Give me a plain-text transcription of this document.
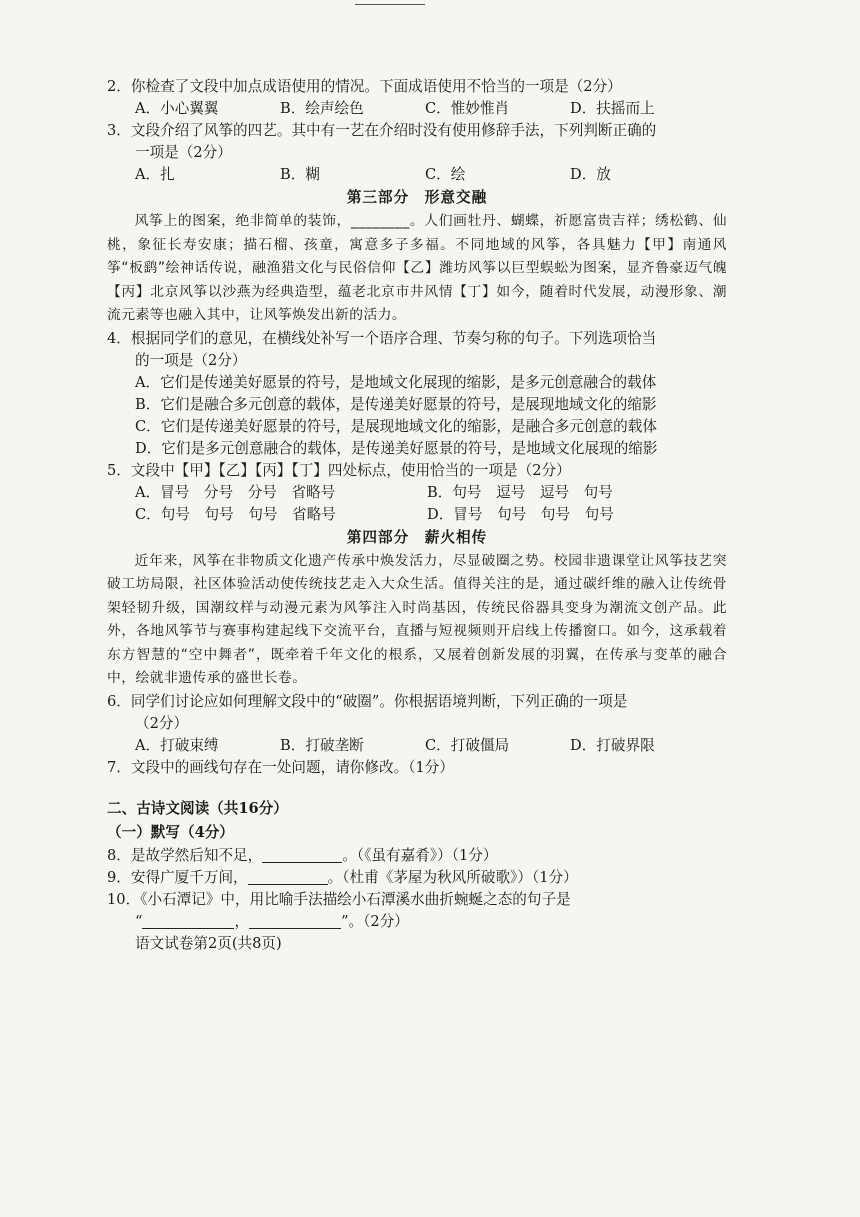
2．你检查了文段中加点成语使用的情况。下面成语使用不恰当的一项是（2分）
A．小心翼翼	B．绘声绘色	C．惟妙惟肖	D．扶摇而上
3．文段介绍了风筝的四艺。其中有一艺在介绍时没有使用修辞手法，下列判断正确的
一项是（2分）
A．扎	B．糊	C．绘	D．放
第三部分　形意交融

风筝上的图案，绝非简单的装饰，________。人们画牡丹、蝴蝶，祈愿富贵吉祥；绣松鹤、仙桃，象征长寿安康；描石榴、孩童，寓意多子多福。不同地域的风筝，各具魅力【甲】南通风筝“板鹞”绘神话传说，融渔猎文化与民俗信仰【乙】潍坊风筝以巨型蜈蚣为图案，显齐鲁豪迈气魄【丙】北京风筝以沙燕为经典造型，蕴老北京市井风情【丁】如今，随着时代发展，动漫形象、潮流元素等也融入其中，让风筝焕发出新的活力。

4．根据同学们的意见，在横线处补写一个语序合理、节奏匀称的句子。下列选项恰当
的一项是（2分）
A．它们是传递美好愿景的符号，是地域文化展现的缩影，是多元创意融合的载体
B．它们是融合多元创意的载体，是传递美好愿景的符号，是展现地域文化的缩影
C．它们是传递美好愿景的符号，是展现地域文化的缩影，是融合多元创意的载体
D．它们是多元创意融合的载体，是传递美好愿景的符号，是地域文化展现的缩影
5．文段中【甲】【乙】【丙】【丁】四处标点，使用恰当的一项是（2分）
A．冒号　分号　分号　省略号	B．句号　逗号　逗号　句号
C．句号　句号　句号　省略号	D．冒号　句号　句号　句号
第四部分　薪火相传

近年来，风筝在非物质文化遗产传承中焕发活力，尽显破圈之势。校园非遗课堂让风筝技艺突破工坊局限，社区体验活动使传统技艺走入大众生活。值得关注的是，通过碳纤维的融入让传统骨架轻韧升级，国潮纹样与动漫元素为风筝注入时尚基因，传统民俗器具变身为潮流文创产品。此外，各地风筝节与赛事构建起线下交流平台，直播与短视频则开启线上传播窗口。如今，这承载着东方智慧的“空中舞者”，既牵着千年文化的根系，又展着创新发展的羽翼，在传承与变革的融合中，绘就非遗传承的盛世长卷。

6．同学们讨论应如何理解文段中的“破圈”。你根据语境判断，下列正确的一项是
（2分）
A．打破束缚	B．打破垄断	C．打破僵局	D．打破界限
7．文段中的画线句存在一处问题，请你修改。（1分）
二、古诗文阅读（共16分）
（一）默写（4分）
8．是故学然后知不足，	。（《虽有嘉肴》）（1分）
9．安得广厦千万间，	。（杜甫《茅屋为秋风所破歌》）（1分）
10．《小石潭记》中，用比喻手法描绘小石潭溪水曲折蜿蜒之态的句子是
“	，	”。（2分）
语文试卷第2页(共8页)
